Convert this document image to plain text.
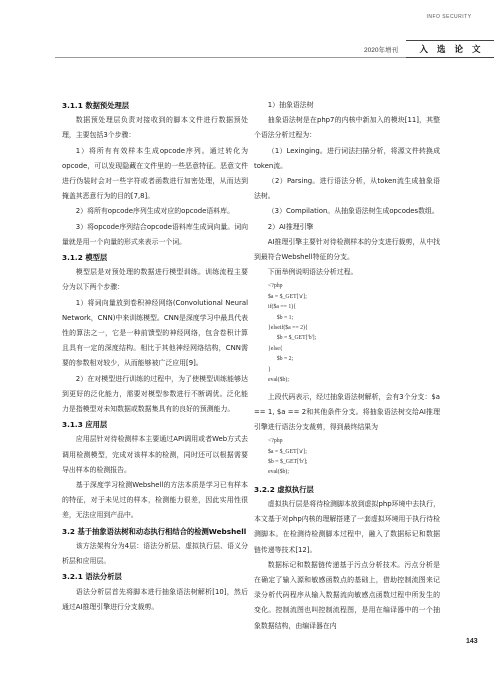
INFO SECURITY
2020年增刊	入选论文

3.1.1 数据预处理层

数据预处理层负责对接收到的脚本文件进行数据预处理，主要包括3个步骤：

1）将所有有效样本生成opcode序列。通过转化为opcode，可以发现隐藏在文件里的一些恶意特征。恶意文件进行伪装时会对一些字符或者函数进行加密处理，从而达到掩盖其恶意行为的目的[7,8]。

2）将所有opcode序列生成对应的opcode语料库。

3）将opcode序列结合opcode语料库生成词向量。词向量就是用一个向量的形式来表示一个词。

3.1.2 模型层

模型层是对预处理的数据进行模型训练。训练流程主要分为以下两个步骤：

1）将词向量放到卷积神经网络(Convolutional Neural Network，CNN)中来训练模型。CNN是深度学习中最具代表性的算法之一，它是一种前馈型的神经网络，包含卷积计算且具有一定的深度结构。相比于其他神经网络结构，CNN需要的参数相对较少，从而能够被广泛应用[9]。

2）在对模型进行训练的过程中，为了使模型训练能够达到更好的泛化能力，需要对模型参数进行不断调优。泛化能力是指模型对未知数据或数据集具有的良好的预测能力。

3.1.3 应用层

应用层针对待检测样本主要通过API调用或者Web方式去调用检测模型，完成对该样本的检测，同时还可以根据需要导出样本的检测报告。

基于深度学习检测Webshell的方法本质是学习已有样本的特征，对于未见过的样本，检测能力很差，因此实用性很差，无法应用到产品中。

3.2 基于抽象语法树和动态执行相结合的检测Webshell

该方法架构分为4层：语法分析层、虚拟执行层、语义分析层和应用层。

3.2.1 语法分析层

语法分析层首先将脚本进行抽象语法树解析[10]，然后通过AI推理引擎进行分支裁剪。

1）抽象语法树

抽象语法树是在php7的内核中新加入的模块[11]，其整个语法分析过程为：

（1）Lexinging。进行词法扫描分析，将源文件转换成token流。

（2）Parsing。进行语法分析，从token流生成抽象语法树。

（3）Compilation。从抽象语法树生成opcodes数组。

2）AI推理引擎

AI推理引擎主要针对待检测样本的分支进行裁剪，从中找到最符合Webshell特征的分支。

下面举例说明语法分析过程。

<?php
$a = $_GET['a'];
if($a == 1){
$b = 1;
}elseif($a == 2){
$b = $_GET['b'];
}else{
$b = 2;
}
eval($b);

上段代码表示，经过抽象语法树解析，会有3个分支：$a == 1, $a == 2和其他条件分支。将抽象语法树交给AI推理引擎进行语法分支裁剪，得到最终结果为

<?php
$a = $_GET['a'];
$b = $_GET['b'];
eval($b);

3.2.2 虚拟执行层

虚拟执行层是将待检测脚本放到虚拟php环境中去执行，本文基于对php内核的理解搭建了一套虚拟环境用于执行待检测脚本。在检测待检测脚本过程中，融入了数据标记和数据链传递等技术[12]。

数据标记和数据链传递基于污点分析技术。污点分析是在确定了输入源和敏感函数点的基础上，借助控制流图来记录分析代码程序从输入数据流向敏感点函数过程中所发生的变化。控制流图也叫控制流程图，是用在编译器中的一个抽象数据结构，由编译器在内

143
